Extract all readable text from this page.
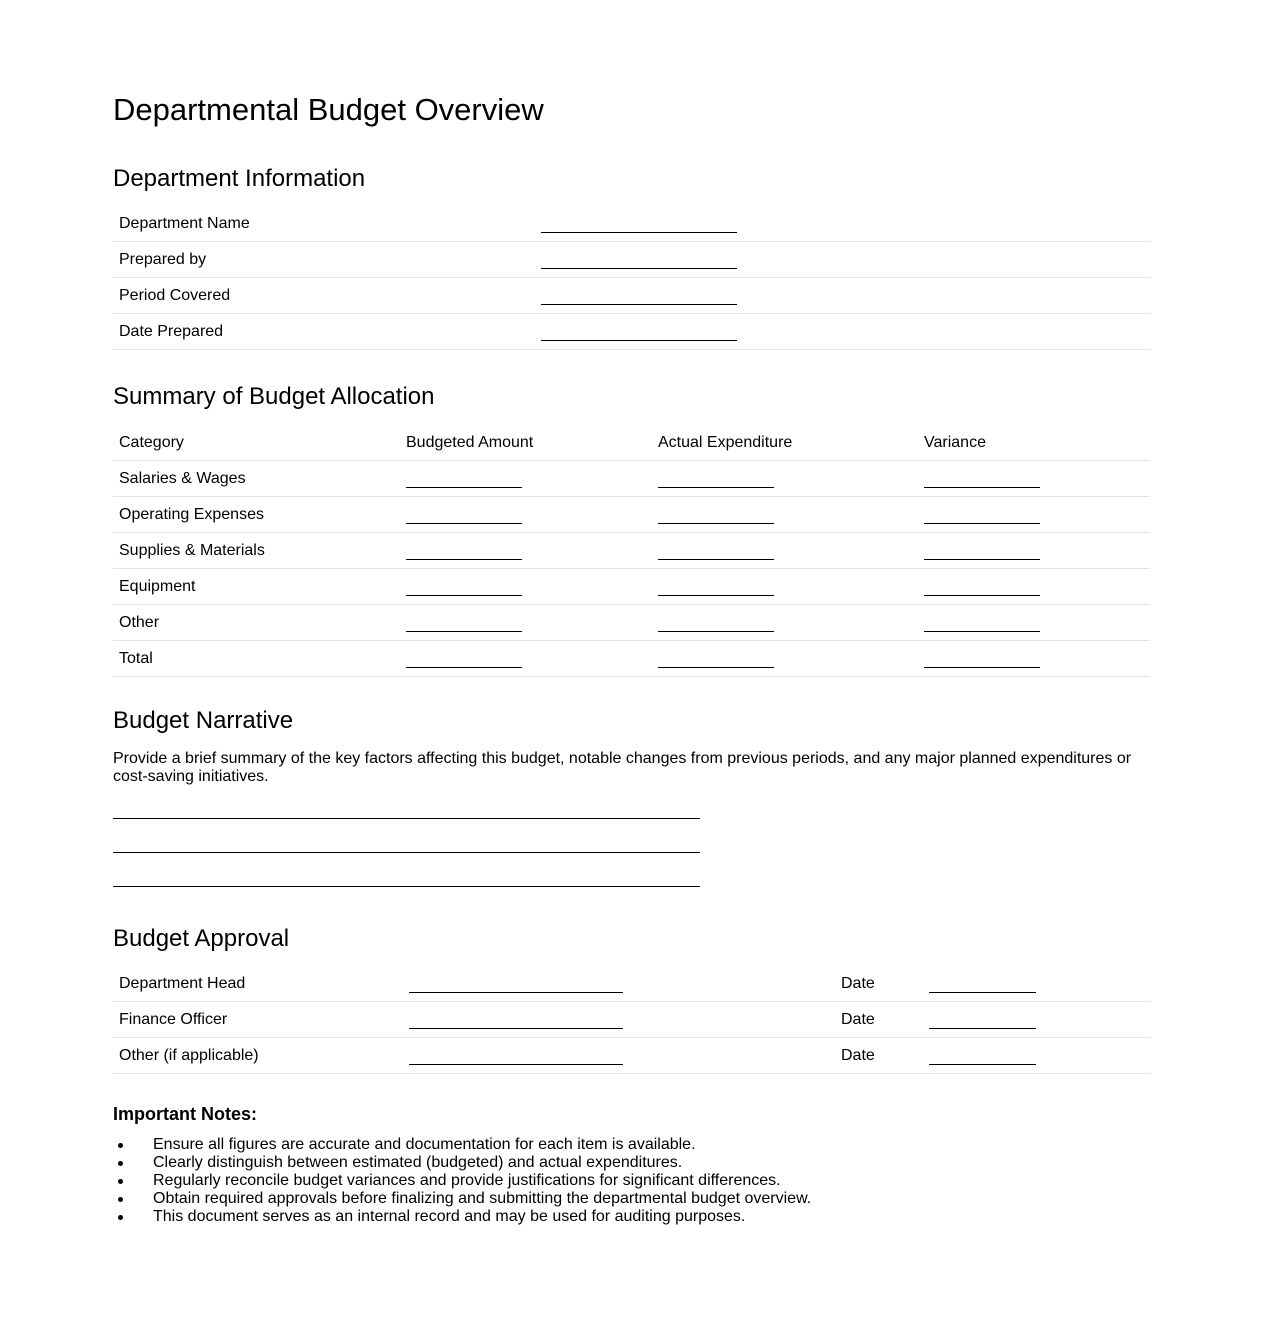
Departmental Budget Overview
Department Information
Department Name	
Prepared by	
Period Covered	
Date Prepared	
Summary of Budget Allocation
Category	Budgeted Amount	Actual Expenditure	Variance
Salaries & Wages			
Operating Expenses			
Supplies & Materials			
Equipment			
Other			
Total			
Budget Narrative

Provide a brief summary of the key factors affecting this budget, notable changes from previous periods, and any major planned expenditures or cost-saving initiatives.

Budget Approval
Department Head		Date	
Finance Officer		Date	
Other (if applicable)		Date	
Important Notes:
Ensure all figures are accurate and documentation for each item is available.
Clearly distinguish between estimated (budgeted) and actual expenditures.
Regularly reconcile budget variances and provide justifications for significant differences.
Obtain required approvals before finalizing and submitting the departmental budget overview.
This document serves as an internal record and may be used for auditing purposes.
